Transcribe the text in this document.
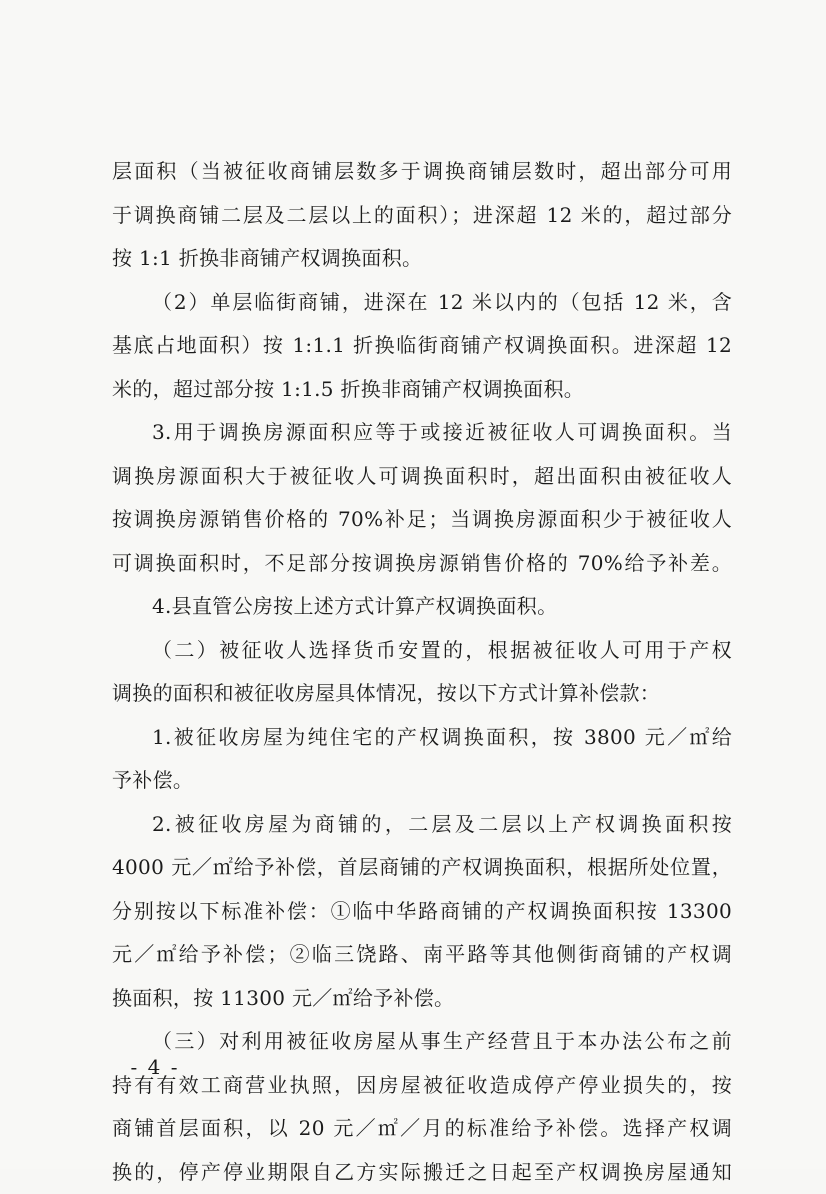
层面积（当被征收商铺层数多于调换商铺层数时，超出部分可用
于调换商铺二层及二层以上的面积）；进深超 12 米的，超过部分
按 1:1 折换非商铺产权调换面积。
（2）单层临街商铺，进深在 12 米以内的（包括 12 米，含
基底占地面积）按 1:1.1 折换临街商铺产权调换面积。进深超 12
米的，超过部分按 1:1.5 折换非商铺产权调换面积。
3.用于调换房源面积应等于或接近被征收人可调换面积。当
调换房源面积大于被征收人可调换面积时，超出面积由被征收人
按调换房源销售价格的 70%补足；当调换房源面积少于被征收人
可调换面积时，不足部分按调换房源销售价格的 70%给予补差。
4.县直管公房按上述方式计算产权调换面积。
（二）被征收人选择货币安置的，根据被征收人可用于产权
调换的面积和被征收房屋具体情况，按以下方式计算补偿款：
1.被征收房屋为纯住宅的产权调换面积，按 3800 元／㎡给
予补偿。
2.被征收房屋为商铺的，二层及二层以上产权调换面积按
4000 元／㎡给予补偿，首层商铺的产权调换面积，根据所处位置，
分别按以下标准补偿：①临中华路商铺的产权调换面积按 13300
元／㎡给予补偿；②临三饶路、南平路等其他侧街商铺的产权调
换面积，按 11300 元／㎡给予补偿。
（三）对利用被征收房屋从事生产经营且于本办法公布之前
持有有效工商营业执照，因房屋被征收造成停产停业损失的，按
商铺首层面积，以 20 元／㎡／月的标准给予补偿。选择产权调
换的，停产停业期限自乙方实际搬迁之日起至产权调换房屋通知
- 4 -
